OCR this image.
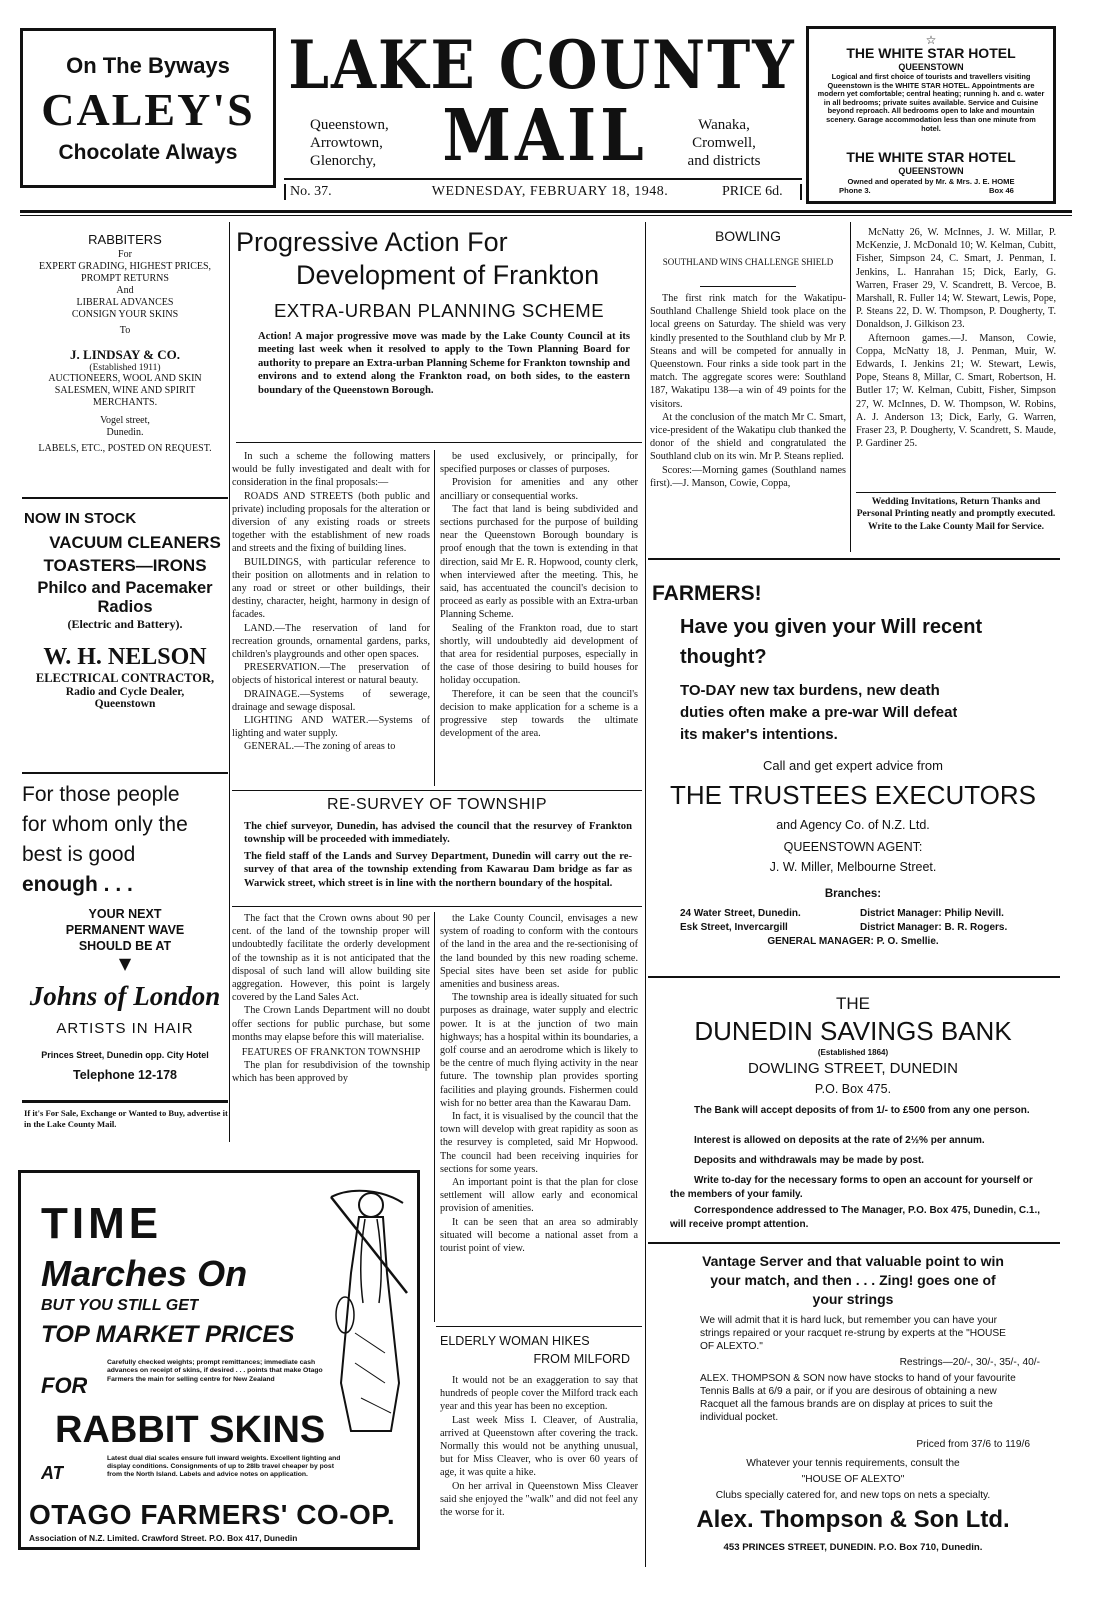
On The Byways
CALEY'S
Chocolate Always
LAKE COUNTY
Queenstown,
Arrowtown,
Glenorchy,	MAIL	Wanaka,
Cromwell,
and districts
No. 37.	WEDNESDAY, FEBRUARY 18, 1948.	PRICE 6d.
☆
THE WHITE STAR HOTEL
QUEENSTOWN
Logical and first choice of tourists and travellers visiting Queenstown is the WHITE STAR HOTEL. Appointments are modern yet comfortable; central heating; running h. and c. water in all bedrooms; private suites available. Service and Cuisine beyond reproach. All bedrooms open to lake and mountain scenery. Garage accommodation less than one minute from hotel.
THE WHITE STAR HOTEL
QUEENSTOWN
Owned and operated by Mr. & Mrs. J. E. HOME
Phone 3.	Box 46
RABBITERS
For
EXPERT GRADING, HIGHEST PRICES, PROMPT RETURNS
And
LIBERAL ADVANCES
CONSIGN YOUR SKINS
To
J. LINDSAY & CO.
(Established 1911)
AUCTIONEERS, WOOL AND SKIN SALESMEN, WINE AND SPIRIT MERCHANTS.
Vogel street,
Dunedin.
LABELS, ETC., POSTED ON REQUEST.
NOW IN STOCK
VACUUM CLEANERS
TOASTERS—IRONS
Philco and Pacemaker
Radios
(Electric and Battery).
W. H. NELSON
ELECTRICAL CONTRACTOR,
Radio and Cycle Dealer,
Queenstown
For those people
for whom only the
best is good
enough . . .
YOUR NEXT
PERMANENT WAVE
SHOULD BE AT
▼
Johns of London
ARTISTS IN HAIR
Princes Street, Dunedin opp. City Hotel
Telephone 12-178
If it's For Sale, Exchange or Wanted to Buy, advertise it in the Lake County Mail.
Progressive Action For
Development of Frankton
EXTRA-URBAN PLANNING SCHEME
Action! A major progressive move was made by the Lake County Council at its meeting last week when it resolved to apply to the Town Planning Board for authority to prepare an Extra-urban Planning Scheme for Frankton township and environs and to extend along the Frankton road, on both sides, to the eastern boundary of the Queenstown Borough.

In such a scheme the following matters would be fully investigated and dealt with for consideration in the final proposals:—

ROADS AND STREETS (both public and private) including proposals for the alteration or diversion of any existing roads or streets together with the establishment of new roads and streets and the fixing of building lines.

BUILDINGS, with particular reference to their position on allotments and in relation to any road or street or other buildings, their destiny, character, height, harmony in design of facades.

LAND.—The reservation of land for recreation grounds, ornamental gardens, parks, children's playgrounds and other open spaces.

PRESERVATION.—The preservation of objects of historical interest or natural beauty.

DRAINAGE.—Systems of sewerage, drainage and sewage disposal.

LIGHTING AND WATER.—Systems of lighting and water supply.

GENERAL.—The zoning of areas to

be used exclusively, or principally, for specified purposes or classes of purposes.

Provision for amenities and any other ancilliary or consequential works.

The fact that land is being subdivided and sections purchased for the purpose of building near the Queenstown Borough boundary is proof enough that the town is extending in that direction, said Mr E. R. Hopwood, county clerk, when interviewed after the meeting. This, he said, has accentuated the council's decision to proceed as early as possible with an Extra-urban Planning Scheme.

Sealing of the Frankton road, due to start shortly, will undoubtedly aid development of that area for residential purposes, especially in the case of those desiring to build houses for holiday occupation.

Therefore, it can be seen that the council's decision to make application for a scheme is a progressive step towards the ultimate development of the area.

RE-SURVEY OF TOWNSHIP
The chief surveyor, Dunedin, has advised the council that the resurvey of Frankton township will be proceeded with immediately.
The field staff of the Lands and Survey Department, Dunedin will carry out the re-survey of that area of the township extending from Kawarau Dam bridge as far as Warwick street, which street is in line with the northern boundary of the hospital.

The fact that the Crown owns about 90 per cent. of the land of the township proper will undoubtedly facilitate the orderly development of the township as it is not anticipated that the disposal of such land will allow building site aggregation. However, this point is largely covered by the Land Sales Act.

The Crown Lands Department will no doubt offer sections for public purchase, but some months may elapse before this will materialise.

FEATURES OF FRANKTON TOWNSHIP

The plan for resubdivision of the township which has been approved by

the Lake County Council, envisages a new system of roading to conform with the contours of the land in the area and the re-sectionising of the land bounded by this new roading scheme. Special sites have been set aside for public amenities and business areas.

The township area is ideally situated for such purposes as drainage, water supply and electric power. It is at the junction of two main highways; has a hospital within its boundaries, a golf course and an aerodrome which is likely to be the centre of much flying activity in the near future. The township plan provides sporting facilities and playing grounds. Fishermen could wish for no better area than the Kawarau Dam.

In fact, it is visualised by the council that the town will develop with great rapidity as soon as the resurvey is completed, said Mr Hopwood. The council had been receiving inquiries for sections for some years.

An important point is that the plan for close settlement will allow early and economical provision of amenities.

It can be seen that an area so admirably situated will become a national asset from a tourist point of view.

ELDERLY WOMAN HIKES
FROM MILFORD

It would not be an exaggeration to say that hundreds of people cover the Milford track each year and this year has been no exception.

Last week Miss I. Cleaver, of Australia, arrived at Queenstown after covering the track. Normally this would not be anything unusual, but for Miss Cleaver, who is over 60 years of age, it was quite a hike.

On her arrival in Queenstown Miss Cleaver said she enjoyed the "walk" and did not feel any the worse for it.

TIME
Marches On
BUT YOU STILL GET
TOP MARKET PRICES
FOR
Carefully checked weights; prompt remittances; immediate cash advances on receipt of skins, if desired . . . points that make Otago Farmers the main for selling centre for New Zealand
RABBIT SKINS
AT
Latest dual dial scales ensure full inward weights. Excellent lighting and display conditions. Consignments of up to 28lb travel cheaper by post from the North Island. Labels and advice notes on application.
OTAGO FARMERS' CO-OP.
Association of N.Z. Limited. Crawford Street. P.O. Box 417, Dunedin
BOWLING
SOUTHLAND WINS CHALLENGE SHIELD

The first rink match for the Wakatipu-Southland Challenge Shield took place on the local greens on Saturday. The shield was very kindly presented to the Southland club by Mr P. Steans and will be competed for annually in Queenstown. Four rinks a side took part in the match. The aggregate scores were: Southland 187, Wakatipu 138—a win of 49 points for the visitors.

At the conclusion of the match Mr C. Smart, vice-president of the Wakatipu club thanked the donor of the shield and congratulated the Southland club on its win. Mr P. Steans replied.

Scores:—Morning games (Southland names first).—J. Manson, Cowie, Coppa,

McNatty 26, W. McInnes, J. W. Millar, P. McKenzie, J. McDonald 10; W. Kelman, Cubitt, Fisher, Simpson 24, C. Smart, J. Penman, I. Jenkins, L. Hanrahan 15; Dick, Early, G. Warren, Fraser 29, V. Scandrett, B. Vercoe, B. Marshall, R. Fuller 14; W. Stewart, Lewis, Pope, P. Steans 22, D. W. Thompson, P. Dougherty, T. Donaldson, J. Gilkison 23.

Afternoon games.—J. Manson, Cowie, Coppa, McNatty 18, J. Penman, Muir, W. Edwards, I. Jenkins 21; W. Stewart, Lewis, Pope, Steans 8, Millar, C. Smart, Robertson, H. Butler 17; W. Kelman, Cubitt, Fisher, Simpson 27, W. McInnes, D. W. Thompson, W. Robins, A. J. Anderson 13; Dick, Early, G. Warren, Fraser 23, P. Dougherty, V. Scandrett, S. Maude, P. Gardiner 25.

Wedding Invitations, Return Thanks and Personal Printing neatly and promptly executed. Write to the Lake County Mail for Service.
FARMERS!
Have you given your Will recent
thought?
TO-DAY new tax burdens, new death
duties often make a pre-war Will defeat
its maker's intentions.
Call and get expert advice from
THE TRUSTEES EXECUTORS
and Agency Co. of N.Z. Ltd.
QUEENSTOWN AGENT:
J. W. Miller, Melbourne Street.
Branches:
24 Water Street, Dunedin.	District Manager: Philip Nevill.
Esk Street, Invercargill	District Manager: B. R. Rogers.
GENERAL MANAGER: P. O. Smellie.
THE
DUNEDIN SAVINGS BANK
(Established 1864)
DOWLING STREET, DUNEDIN
P.O. Box 475.
The Bank will accept deposits of from 1/- to £500 from any one person.
Interest is allowed on deposits at the rate of 2½% per annum.
Deposits and withdrawals may be made by post.
Write to-day for the necessary forms to open an account for yourself or the members of your family.
Correspondence addressed to The Manager, P.O. Box 475, Dunedin, C.1., will receive prompt attention.
Vantage Server and that valuable point to win
your match, and then . . . Zing! goes one of
your strings
We will admit that it is hard luck, but remember you can have your strings repaired or your racquet re-strung by experts at the "HOUSE OF ALEXTO."
Restrings—20/-, 30/-, 35/-, 40/-
ALEX. THOMPSON & SON now have stocks to hand of your favourite Tennis Balls at 6/9 a pair, or if you are desirous of obtaining a new Racquet all the famous brands are on display at prices to suit the individual pocket.
Priced from 37/6 to 119/6
Whatever your tennis requirements, consult the
"HOUSE OF ALEXTO"
Clubs specially catered for, and new tops on nets a specialty.
Alex. Thompson & Son Ltd.
453 PRINCES STREET, DUNEDIN. P.O. Box 710, Dunedin.
